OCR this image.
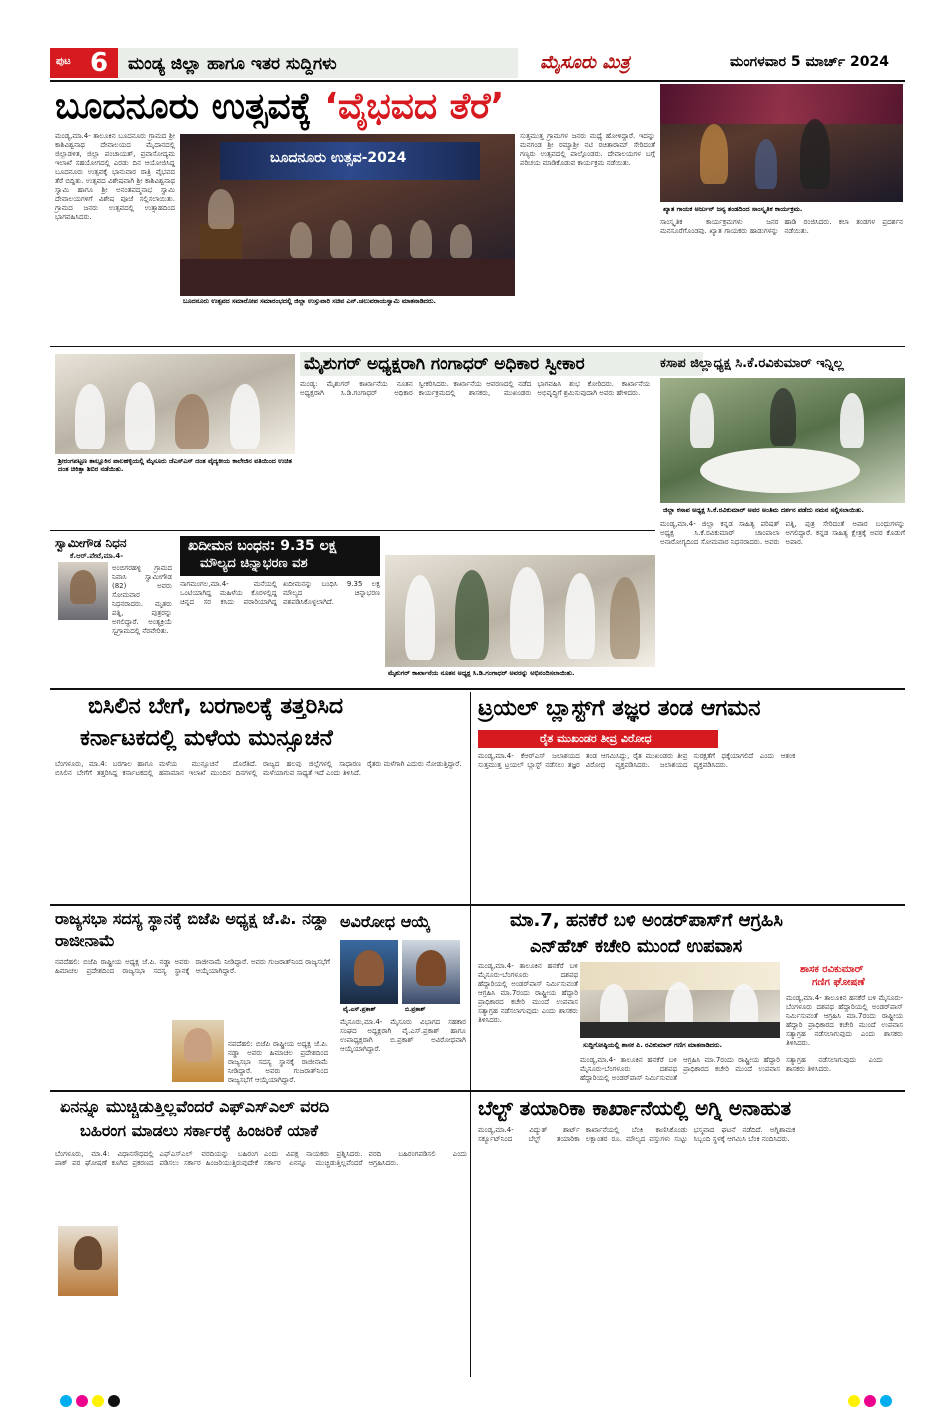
ಪುಟ 6 ಮಂಡ್ಯ ಜಿಲ್ಲಾ ಹಾಗೂ ಇತರ ಸುದ್ದಿಗಳು	ಮೈಸೂರು ಮಿತ್ರ	ಮಂಗಳವಾರ 5 ಮಾರ್ಚ್ 2024
ಬೂದನೂರು ಉತ್ಸವಕ್ಕೆ ‘ವೈಭವದ ತೆರೆ’
ಮಂಡ್ಯ,ಮಾ.4- ತಾಲೂಕಿನ ಬೂದನೂರು ಗ್ರಾಮದ ಶ್ರೀ ಕಾಶಿವಿಶ್ವನಾಥ ದೇವಾಲಯದ ಮೈದಾನದಲ್ಲಿ ಜಿಲ್ಲಾಡಳಿತ, ಜಿಲ್ಲಾ ಪಂಚಾಯತ್, ಪ್ರವಾಸೋದ್ಯಮ ಇಲಾಖೆ ಸಹಯೋಗದಲ್ಲಿ ಎರಡು ದಿನ ಆಯೋಜಿಸಿದ್ದ ಬೂದನೂರು ಉತ್ಸವಕ್ಕೆ ಭಾನುವಾರ ರಾತ್ರಿ ವೈಭವದ ತೆರೆ ಬಿದ್ದಿತು. ಉತ್ಸವದ ವಿಶೇಷವಾಗಿ ಶ್ರೀ ಕಾಶಿವಿಶ್ವನಾಥ ಸ್ವಾಮಿ ಹಾಗೂ ಶ್ರೀ ಅನಂತಪದ್ಮನಾಭ ಸ್ವಾಮಿ ದೇವಾಲಯಗಳಿಗೆ ವಿಶೇಷ ಪೂಜೆ ಸಲ್ಲಿಸಲಾಯಿತು. ಗ್ರಾಮದ ಜನರು ಉತ್ಸವದಲ್ಲಿ ಉತ್ಸಾಹದಿಂದ ಭಾಗವಹಿಸಿದರು.
ಬೂದನೂರು ಉತ್ಸವ-2024
ಬೂದನೂರು ಉತ್ಸವದ ಸಮಾರೋಪ ಸಮಾರಂಭದಲ್ಲಿ ಜಿಲ್ಲಾ ಉಸ್ತುವಾರಿ ಸಚಿವ ಎನ್.ಚಲುವರಾಯಸ್ವಾಮಿ ಮಾತನಾಡಿದರು.
ಸುತ್ತಮುತ್ತ ಗ್ರಾಮಗಳ ಜನರು ಮಧ್ಯೆ ಹೋಳಿದ್ದಾರೆ. ಇದನ್ನು ಮನಗಂಡ ಶ್ರೀ ರಮ್ಯಾಶ್ರೀ ನಟಿ ರಚಿತಾರಾಮ್ ಸೇರಿದಂತೆ ಗಣ್ಯರು ಉತ್ಸವದಲ್ಲಿ ಪಾಲ್ಗೊಂಡರು. ದೇವಾಲಯಗಳ ಬಗ್ಗೆ ಪರಿಚಯ ಮಾಡಿಕೊಡುವ ಕಾರ್ಯಕ್ರಮ ನಡೆಯಿತು.
ಖ್ಯಾತ ಗಾಯಕ ಅರ್ಜುನ್ ಜನ್ಯ ತಂಡದಿಂದ ಸಾಂಸ್ಕೃತಿಕ ಕಾರ್ಯಕ್ರಮ.
ಸಾಂಸ್ಕೃತಿಕ ಕಾರ್ಯಕ್ರಮಗಳು ಜನರ ಮನಸೂರೆಗೊಂಡವು. ಖ್ಯಾತ ಗಾಯಕರು ಹಾಡುಗಳನ್ನು ಹಾಡಿ ರಂಜಿಸಿದರು. ಕಲಾ ತಂಡಗಳ ಪ್ರದರ್ಶನ ನಡೆಯಿತು.
ಶ್ರೀರಂಗಪಟ್ಟಣ ತಾಲ್ಲೂಕಿನ ಪಾಲಹಳ್ಳಿಯಲ್ಲಿ ಮೈಸೂರು ಜೆಎಸ್‌ಎಸ್ ದಂತ ವೈದ್ಯಕೀಯ ಕಾಲೇಜಿನ ವತಿಯಿಂದ ಉಚಿತ ದಂತ ಚಿಕಿತ್ಸಾ ಶಿಬಿರ ನಡೆಯಿತು.
ಮೈಶುಗರ್ ಅಧ್ಯಕ್ಷರಾಗಿ ಗಂಗಾಧರ್ ಅಧಿಕಾರ ಸ್ವೀಕಾರ
ಮಂಡ್ಯ: ಮೈಶುಗರ್ ಕಾರ್ಖಾನೆಯ ನೂತನ ಅಧ್ಯಕ್ಷರಾಗಿ ಸಿ.ಡಿ.ಗಂಗಾಧರ್ ಅಧಿಕಾರ ಸ್ವೀಕರಿಸಿದರು. ಕಾರ್ಖಾನೆಯ ಆವರಣದಲ್ಲಿ ನಡೆದ ಕಾರ್ಯಕ್ರಮದಲ್ಲಿ ಶಾಸಕರು, ಮುಖಂಡರು ಭಾಗವಹಿಸಿ ಶುಭ ಕೋರಿದರು. ಕಾರ್ಖಾನೆಯ ಅಭಿವೃದ್ಧಿಗೆ ಶ್ರಮಿಸುವುದಾಗಿ ಅವರು ಹೇಳಿದರು.
ಕಸಾಪ ಜಿಲ್ಲಾಧ್ಯಕ್ಷ ಸಿ.ಕೆ.ರವಿಕುಮಾರ್ ಇನ್ನಿಲ್ಲ
ಜಿಲ್ಲಾ ಕಸಾಪ ಅಧ್ಯಕ್ಷ ಸಿ.ಕೆ.ರವಿಕುಮಾರ್ ಅವರ ಅಂತಿಮ ದರ್ಶನ ಪಡೆದು ನಮನ ಸಲ್ಲಿಸಲಾಯಿತು.
ಸ್ವಾಮೀಗೌಡ ನಿಧನ
ಕೆ.ಆರ್.ಪೇಟೆ,ಮಾ.4-
ಅಂಬಿಗರಹಳ್ಳಿ ಗ್ರಾಮದ ನಿವಾಸಿ ಸ್ವಾಮೀಗೌಡ (82) ಅವರು ಸೋಮವಾರ ನಿಧನರಾದರು. ಮೃತರು ಪತ್ನಿ, ಪುತ್ರರನ್ನು ಅಗಲಿದ್ದಾರೆ. ಅಂತ್ಯಕ್ರಿಯೆ ಸ್ವಗ್ರಾಮದಲ್ಲಿ ನೆರವೇರಿತು.
ಖದೀಮನ ಬಂಧನ: 9.35 ಲಕ್ಷ
ಮೌಲ್ಯದ ಚಿನ್ನಾಭರಣ ವಶ
ನಾಗಮಂಗಲ,ಮಾ.4- ಮನೆಯಲ್ಲಿ ಒಂಟಿಯಾಗಿದ್ದ ಮಹಿಳೆಯ ಕೊರಳಲ್ಲಿದ್ದ ಚಿನ್ನದ ಸರ ಕಸಿದು ಪರಾರಿಯಾಗಿದ್ದ ಖದೀಮನನ್ನು ಬಂಧಿಸಿ 9.35 ಲಕ್ಷ ಮೌಲ್ಯದ ಚಿನ್ನಾಭರಣ ವಶಪಡಿಸಿಕೊಳ್ಳಲಾಗಿದೆ.
ಮೈಶುಗರ್ ಕಾರ್ಖಾನೆಯ ನೂತನ ಅಧ್ಯಕ್ಷ ಸಿ.ಡಿ.ಗಂಗಾಧರ್ ಅವರನ್ನು ಅಭಿನಂದಿಸಲಾಯಿತು.
ಮಂಡ್ಯ,ಮಾ.4- ಜಿಲ್ಲಾ ಕನ್ನಡ ಸಾಹಿತ್ಯ ಪರಿಷತ್ ಅಧ್ಯಕ್ಷ ಸಿ.ಕೆ.ರವಿಕುಮಾರ್ ಚಾಂಪಾಲಾ ಅನಾರೋಗ್ಯದಿಂದ ಸೋಮವಾರ ನಿಧನರಾದರು. ಅವರು ಪತ್ನಿ, ಪುತ್ರ ಸೇರಿದಂತೆ ಅಪಾರ ಬಂಧುಗಳನ್ನು ಅಗಲಿದ್ದಾರೆ. ಕನ್ನಡ ಸಾಹಿತ್ಯ ಕ್ಷೇತ್ರಕ್ಕೆ ಅವರ ಕೊಡುಗೆ ಅಪಾರ.
ಬಿಸಿಲಿನ ಬೇಗೆ, ಬರಗಾಲಕ್ಕೆ ತತ್ತರಿಸಿದ
ಕರ್ನಾಟಕದಲ್ಲಿ ಮಳೆಯ ಮುನ್ಸೂಚನೆ
ಬೆಂಗಳೂರು, ಮಾ.4: ಬರಗಾಲ ಹಾಗೂ ಬಿಸಿಲಿನ ಬೇಗೆಗೆ ತತ್ತರಿಸಿದ್ದ ಕರ್ನಾಟಕದಲ್ಲಿ ಮಳೆಯ ಮುನ್ಸೂಚನೆ ದೊರೆತಿದೆ. ಹವಾಮಾನ ಇಲಾಖೆ ಮುಂದಿನ ದಿನಗಳಲ್ಲಿ ರಾಜ್ಯದ ಹಲವು ಜಿಲ್ಲೆಗಳಲ್ಲಿ ಸಾಧಾರಣ ಮಳೆಯಾಗುವ ಸಾಧ್ಯತೆ ಇದೆ ಎಂದು ತಿಳಿಸಿದೆ. ರೈತರು ಮಳೆಗಾಗಿ ಎದುರು ನೋಡುತ್ತಿದ್ದಾರೆ.
ಟ್ರಯಲ್ ಬ್ಲಾಸ್ಟ್‌ಗೆ ತಜ್ಞರ ತಂಡ ಆಗಮನ
ರೈತ ಮುಖಂಡರ ತೀವ್ರ ವಿರೋಧ
ಮಂಡ್ಯ,ಮಾ.4- ಕೆಆರ್‌ಎಸ್ ಜಲಾಶಯದ ಸುತ್ತಮುತ್ತ ಟ್ರಯಲ್ ಬ್ಲಾಸ್ಟ್ ನಡೆಸಲು ತಜ್ಞರ ತಂಡ ಆಗಮಿಸಿದ್ದು, ರೈತ ಮುಖಂಡರು ತೀವ್ರ ವಿರೋಧ ವ್ಯಕ್ತಪಡಿಸಿದರು. ಜಲಾಶಯದ ಸುರಕ್ಷತೆಗೆ ಧಕ್ಕೆಯಾಗಲಿದೆ ಎಂದು ಆತಂಕ ವ್ಯಕ್ತಪಡಿಸಿದರು.
ರಾಜ್ಯಸಭಾ ಸದಸ್ಯ ಸ್ಥಾನಕ್ಕೆ ಬಿಜೆಪಿ ಅಧ್ಯಕ್ಷ ಜೆ.ಪಿ. ನಡ್ಡಾ ರಾಜೀನಾಮೆ
ನವದೆಹಲಿ: ಬಿಜೆಪಿ ರಾಷ್ಟ್ರೀಯ ಅಧ್ಯಕ್ಷ ಜೆ.ಪಿ. ನಡ್ಡಾ ಅವರು ಹಿಮಾಚಲ ಪ್ರದೇಶದಿಂದ ರಾಜ್ಯಸಭಾ ಸದಸ್ಯ ಸ್ಥಾನಕ್ಕೆ ರಾಜೀನಾಮೆ ನೀಡಿದ್ದಾರೆ. ಅವರು ಗುಜರಾತ್‌ನಿಂದ ರಾಜ್ಯಸಭೆಗೆ ಆಯ್ಕೆಯಾಗಿದ್ದಾರೆ.
ನವದೆಹಲಿ: ಬಿಜೆಪಿ ರಾಷ್ಟ್ರೀಯ ಅಧ್ಯಕ್ಷ ಜೆ.ಪಿ. ನಡ್ಡಾ ಅವರು ಹಿಮಾಚಲ ಪ್ರದೇಶದಿಂದ ರಾಜ್ಯಸಭಾ ಸದಸ್ಯ ಸ್ಥಾನಕ್ಕೆ ರಾಜೀನಾಮೆ ನೀಡಿದ್ದಾರೆ. ಅವರು ಗುಜರಾತ್‌ನಿಂದ ರಾಜ್ಯಸಭೆಗೆ ಆಯ್ಕೆಯಾಗಿದ್ದಾರೆ.
ಅವಿರೋಧ ಆಯ್ಕೆ
ವೈ.ಎಸ್.ಪ್ರಕಾಶ್	ಬಿ.ಪ್ರಕಾಶ್
ಮೈಸೂರು,ಮಾ.4- ಮೈಸೂರು ವಿಭಾಗದ ಸಹಕಾರ ಸಂಘದ ಅಧ್ಯಕ್ಷರಾಗಿ ವೈ.ಎಸ್.ಪ್ರಕಾಶ್ ಹಾಗೂ ಉಪಾಧ್ಯಕ್ಷರಾಗಿ ಬಿ.ಪ್ರಕಾಶ್ ಅವಿರೋಧವಾಗಿ ಆಯ್ಕೆಯಾಗಿದ್ದಾರೆ.
ಮಾ.7, ಹನಕೆರೆ ಬಳಿ ಅಂಡರ್‌ಪಾಸ್‌ಗೆ ಆಗ್ರಹಿಸಿ
ಎನ್‌ಹೆಚ್ ಕಚೇರಿ ಮುಂದೆ ಉಪವಾಸ
ಮಂಡ್ಯ,ಮಾ.4- ತಾಲೂಕಿನ ಹನಕೆರೆ ಬಳಿ ಮೈಸೂರು-ಬೆಂಗಳೂರು ದಶಪಥ ಹೆದ್ದಾರಿಯಲ್ಲಿ ಅಂಡರ್‌ಪಾಸ್ ನಿರ್ಮಿಸುವಂತೆ ಆಗ್ರಹಿಸಿ ಮಾ.7ರಂದು ರಾಷ್ಟ್ರೀಯ ಹೆದ್ದಾರಿ ಪ್ರಾಧಿಕಾರದ ಕಚೇರಿ ಮುಂದೆ ಉಪವಾಸ ಸತ್ಯಾಗ್ರಹ ನಡೆಸಲಾಗುವುದು ಎಂದು ಶಾಸಕರು ತಿಳಿಸಿದರು.
ಸುದ್ದಿಗೋಷ್ಠಿಯಲ್ಲಿ ಶಾಸಕ ಪಿ. ರವಿಕುಮಾರ್ ಗಣಿಗ ಮಾತನಾಡಿದರು.
ಮಂಡ್ಯ,ಮಾ.4- ತಾಲೂಕಿನ ಹನಕೆರೆ ಬಳಿ ಮೈಸೂರು-ಬೆಂಗಳೂರು ದಶಪಥ ಹೆದ್ದಾರಿಯಲ್ಲಿ ಅಂಡರ್‌ಪಾಸ್ ನಿರ್ಮಿಸುವಂತೆ ಆಗ್ರಹಿಸಿ ಮಾ.7ರಂದು ರಾಷ್ಟ್ರೀಯ ಹೆದ್ದಾರಿ ಪ್ರಾಧಿಕಾರದ ಕಚೇರಿ ಮುಂದೆ ಉಪವಾಸ ಸತ್ಯಾಗ್ರಹ ನಡೆಸಲಾಗುವುದು ಎಂದು ಶಾಸಕರು ತಿಳಿಸಿದರು.
ಶಾಸಕ ರವಿಕುಮಾರ್
ಗಣಿಗ ಘೋಷಣೆ
ಮಂಡ್ಯ,ಮಾ.4- ತಾಲೂಕಿನ ಹನಕೆರೆ ಬಳಿ ಮೈಸೂರು-ಬೆಂಗಳೂರು ದಶಪಥ ಹೆದ್ದಾರಿಯಲ್ಲಿ ಅಂಡರ್‌ಪಾಸ್ ನಿರ್ಮಿಸುವಂತೆ ಆಗ್ರಹಿಸಿ ಮಾ.7ರಂದು ರಾಷ್ಟ್ರೀಯ ಹೆದ್ದಾರಿ ಪ್ರಾಧಿಕಾರದ ಕಚೇರಿ ಮುಂದೆ ಉಪವಾಸ ಸತ್ಯಾಗ್ರಹ ನಡೆಸಲಾಗುವುದು ಎಂದು ಶಾಸಕರು ತಿಳಿಸಿದರು.
ಏನನ್ನೂ ಮುಚ್ಚಿಡುತ್ತಿಲ್ಲವೆಂದರೆ ಎಫ್‌ಎಸ್‌ಎಲ್ ವರದಿ
ಬಹಿರಂಗ ಮಾಡಲು ಸರ್ಕಾರಕ್ಕೆ ಹಿಂಜರಿಕೆ ಯಾಕೆ
ಬೆಂಗಳೂರು, ಮಾ.4: ವಿಧಾನಸೌಧದಲ್ಲಿ ಪಾಕ್ ಪರ ಘೋಷಣೆ ಕೂಗಿದ ಪ್ರಕರಣದ ಎಫ್‌ಎಸ್‌ಎಲ್ ವರದಿಯನ್ನು ಬಹಿರಂಗ ಪಡಿಸಲು ಸರ್ಕಾರ ಹಿಂಜರಿಯುತ್ತಿರುವುದೇಕೆ ಎಂದು ವಿಪಕ್ಷ ನಾಯಕರು ಪ್ರಶ್ನಿಸಿದರು. ಸರ್ಕಾರ ಏನನ್ನೂ ಮುಚ್ಚಿಡುತ್ತಿಲ್ಲವೆಂದರೆ ವರದಿ ಬಹಿರಂಗಪಡಿಸಲಿ ಎಂದು ಆಗ್ರಹಿಸಿದರು.
ಬೆಲ್ಟ್ ತಯಾರಿಕಾ ಕಾರ್ಖಾನೆಯಲ್ಲಿ ಅಗ್ನಿ ಅನಾಹುತ
ಮಂಡ್ಯ,ಮಾ.4- ವಿದ್ಯುತ್ ಶಾರ್ಟ್ ಸರ್ಕ್ಯೂಟ್‌ನಿಂದ ಬೆಲ್ಟ್ ತಯಾರಿಕಾ ಕಾರ್ಖಾನೆಯಲ್ಲಿ ಬೆಂಕಿ ಕಾಣಿಸಿಕೊಂಡು ಲಕ್ಷಾಂತರ ರೂ. ಮೌಲ್ಯದ ವಸ್ತುಗಳು ಸುಟ್ಟು ಭಸ್ಮವಾದ ಘಟನೆ ನಡೆದಿದೆ. ಅಗ್ನಿಶಾಮಕ ಸಿಬ್ಬಂದಿ ಸ್ಥಳಕ್ಕೆ ಆಗಮಿಸಿ ಬೆಂಕಿ ನಂದಿಸಿದರು.
